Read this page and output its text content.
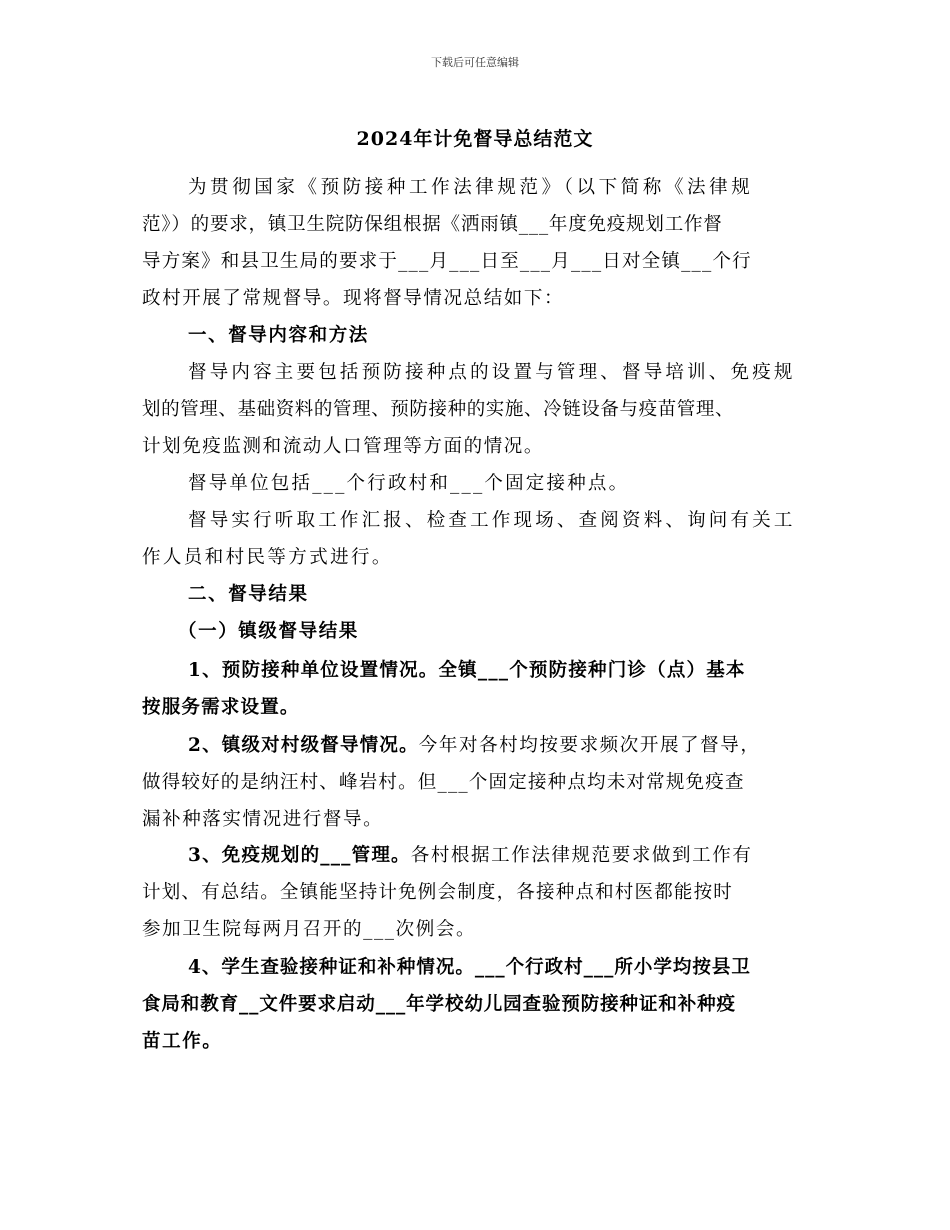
下载后可任意编辑
2024年计免督导总结范文
为贯彻国家《预防接种工作法律规范》（以下简称《法律规
范》）的要求，镇卫生院防保组根据《洒雨镇___年度免疫规划工作督
导方案》和县卫生局的要求于___月___日至___月___日对全镇___个行
政村开展了常规督导。现将督导情况总结如下：
一、督导内容和方法
督导内容主要包括预防接种点的设置与管理、督导培训、免疫规
划的管理、基础资料的管理、预防接种的实施、冷链设备与疫苗管理、
计划免疫监测和流动人口管理等方面的情况。
督导单位包括___个行政村和___个固定接种点。
督导实行听取工作汇报、检查工作现场、查阅资料、询问有关工
作人员和村民等方式进行。
二、督导结果
（一）镇级督导结果
1、预防接种单位设置情况。全镇___个预防接种门诊（点）基本
按服务需求设置。
2、镇级对村级督导情况。今年对各村均按要求频次开展了督导，
做得较好的是纳汪村、峰岩村。但___个固定接种点均未对常规免疫查
漏补种落实情况进行督导。
3、免疫规划的___管理。各村根据工作法律规范要求做到工作有
计划、有总结。全镇能坚持计免例会制度，各接种点和村医都能按时
参加卫生院每两月召开的___次例会。
4、学生查验接种证和补种情况。___个行政村___所小学均按县卫
食局和教育__文件要求启动___年学校幼儿园查验预防接种证和补种疫
苗工作。
